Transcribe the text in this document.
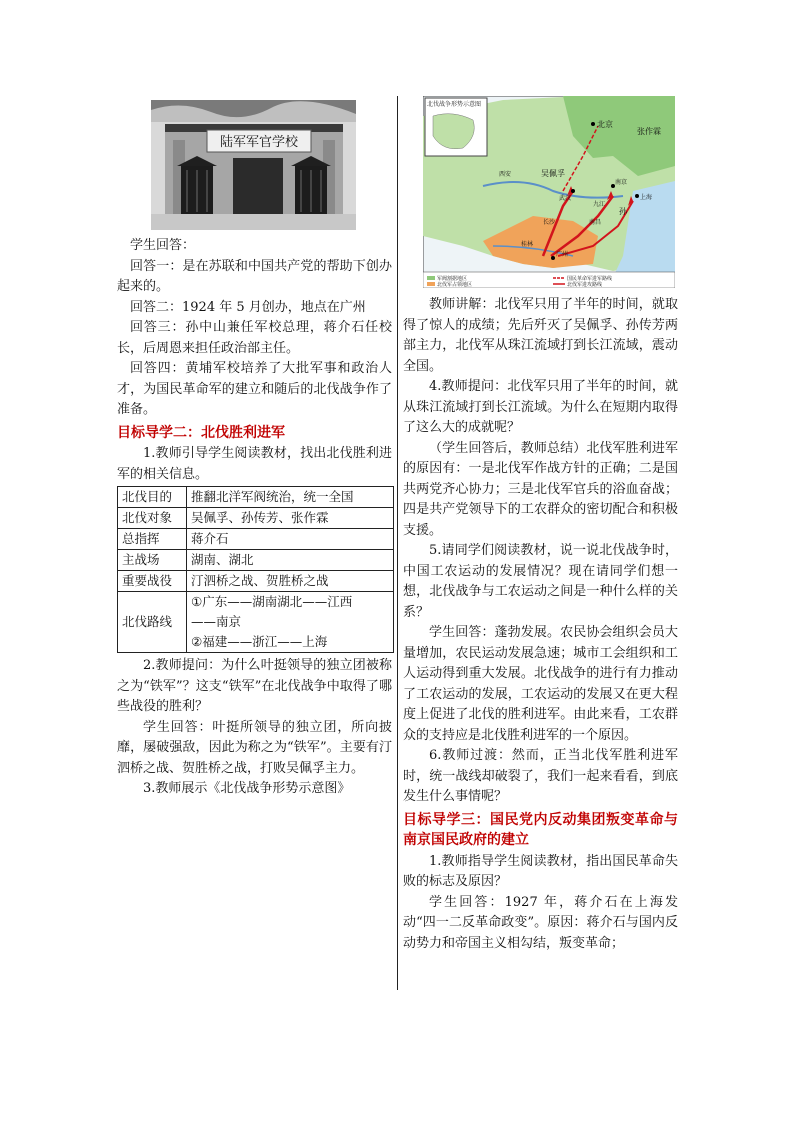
陆军军官学校

学生回答：

回答一：是在苏联和中国共产党的帮助下创办起来的。

回答二：1924 年 5 月创办，地点在广州

回答三：孙中山兼任军校总理，蒋介石任校长，后周恩来担任政治部主任。

回答四：黄埔军校培养了大批军事和政治人才，为国民革命军的建立和随后的北伐战争作了准备。

目标导学二：北伐胜利进军

1.教师引导学生阅读教材，找出北伐胜利进军的相关信息。

北伐目的	推翻北洋军阀统治，统一全国
北伐对象	吴佩孚、孙传芳、张作霖
总指挥	蒋介石
主战场	湖南、湖北
重要战役	汀泗桥之战、贺胜桥之战
北伐路线	①广东——湖南湖北——江西
——南京
②福建——浙江——上海

2.教师提问：为什么叶挺领导的独立团被称之为“铁军”？这支“铁军”在北伐战争中取得了哪些战役的胜利？

学生回答：叶挺所领导的独立团，所向披靡，屡破强敌，因此为称之为“铁军”。主要有汀泗桥之战、贺胜桥之战，打败吴佩孚主力。

3.教师展示《北伐战争形势示意图》

北伐战争形势示意图
北京
张作霖
吴佩孚
西安
武汉
南京
上海
孙
九江
长沙	南昌
桂林
广州
军阀割据地区	国民革命军进军路线
北伐军占领地区	北伐军进攻路线

教师讲解：北伐军只用了半年的时间，就取得了惊人的成绩；先后歼灭了吴佩孚、孙传芳两部主力，北伐军从珠江流域打到长江流域，震动全国。

4.教师提问：北伐军只用了半年的时间，就从珠江流域打到长江流域。为什么在短期内取得了这么大的成就呢？

（学生回答后，教师总结）北伐军胜利进军的原因有：一是北伐军作战方针的正确；二是国共两党齐心协力；三是北伐军官兵的浴血奋战；四是共产党领导下的工农群众的密切配合和积极支援。

5.请同学们阅读教材，说一说北伐战争时，中国工农运动的发展情况？现在请同学们想一想，北伐战争与工农运动之间是一种什么样的关系？

学生回答：蓬勃发展。农民协会组织会员大量增加，农民运动发展急速；城市工会组织和工人运动得到重大发展。北伐战争的进行有力推动了工农运动的发展，工农运动的发展又在更大程度上促进了北伐的胜利进军。由此来看，工农群众的支持应是北伐胜利进军的一个原因。

6.教师过渡：然而，正当北伐军胜利进军时，统一战线却破裂了，我们一起来看看，到底发生什么事情呢？

目标导学三：国民党内反动集团叛变革命与南京国民政府的建立

1.教师指导学生阅读教材，指出国民革命失败的标志及原因？

学生回答：1927 年，蒋介石在上海发动“四一二反革命政变”。原因：蒋介石与国内反动势力和帝国主义相勾结，叛变革命；
